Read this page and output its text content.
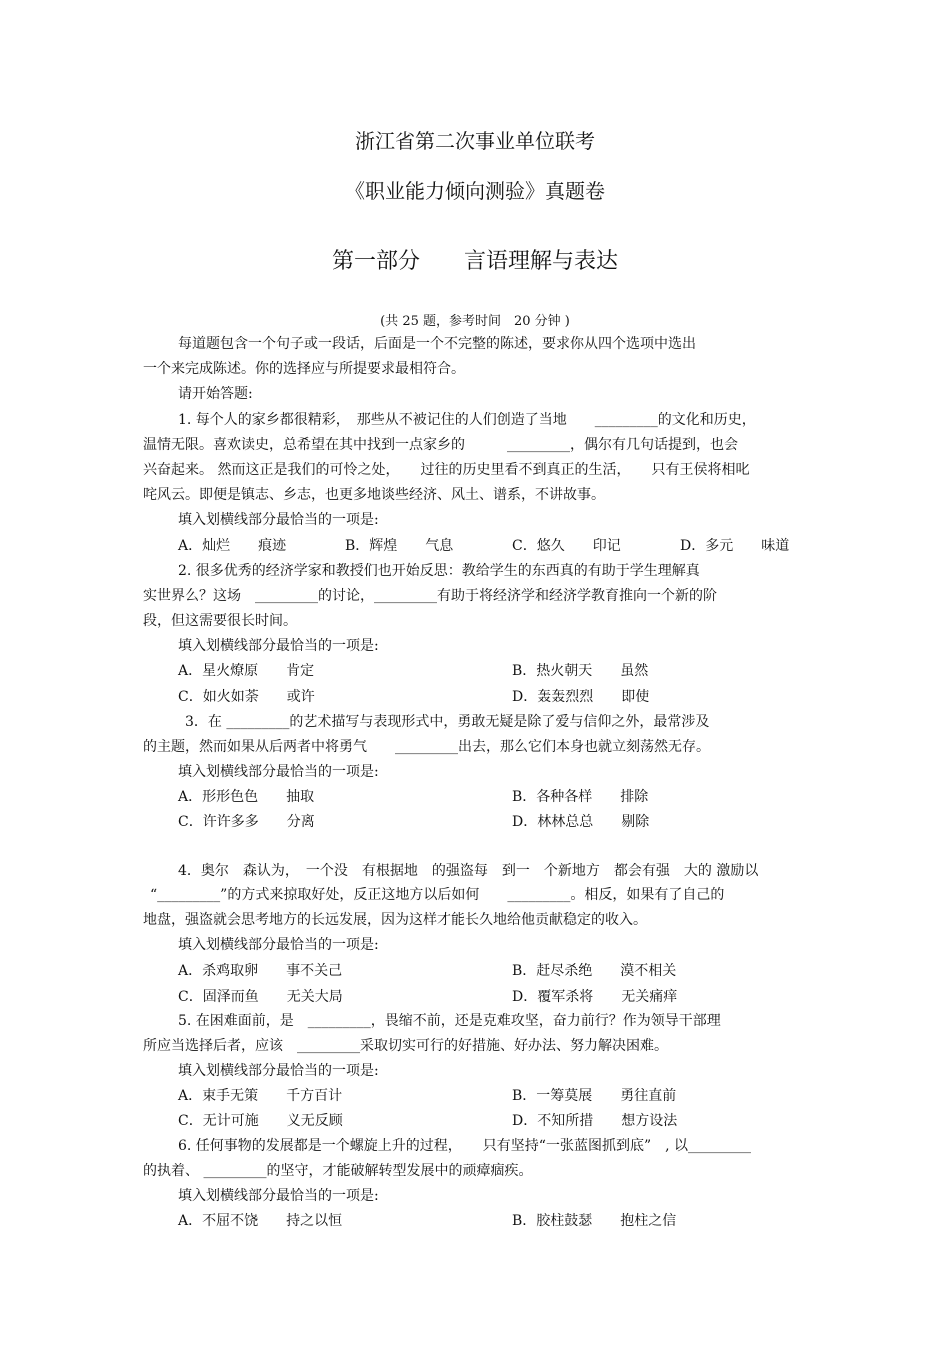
浙江省第二次事业单位联考
《职业能力倾向测验》真题卷
第一部分　　言语理解与表达
(共 25 题，参考时间　20 分钟 )
每道题包含一个句子或一段话，后面是一个不完整的陈述，要求你从四个选项中选出
一个来完成陈述。你的选择应与所提要求最相符合。
请开始答题:
1. 每个人的家乡都很精彩，　那些从不被记住的人们创造了当地　　_________的文化和历史，
温情无限。喜欢读史，总希望在其中找到一点家乡的　　　_________，偶尔有几句话提到，也会
兴奋起来。 然而这正是我们的可怜之处，　　过往的历史里看不到真正的生活，　　只有王侯将相叱
咤风云。即便是镇志、乡志，也更多地谈些经济、风土、谱系，不讲故事。
填入划横线部分最恰当的一项是:
A．灿烂　　痕迹	B．辉煌　　气息	C．悠久　　印记	D．多元　　味道
2. 很多优秀的经济学家和教授们也开始反思：教给学生的东西真的有助于学生理解真
实世界么？这场　_________的讨论，_________有助于将经济学和经济学教育推向一个新的阶
段，但这需要很长时间。
填入划横线部分最恰当的一项是:
A．星火燎原　　肯定	B．热火朝天　　虽然
C．如火如荼　　或许	D．轰轰烈烈　　即使
3．在 _________的艺术描写与表现形式中，勇敢无疑是除了爱与信仰之外，最常涉及
的主题，然而如果从后两者中将勇气　　_________出去，那么它们本身也就立刻荡然无存。
填入划横线部分最恰当的一项是:
A．形形色色　　抽取	B．各种各样　　排除
C．许许多多　　分离	D．林林总总　　剔除
4．奥尔　森认为，　一个没　有根据地　的强盗每　到一　个新地方　都会有强　大的 激励以
“_________”的方式来掠取好处，反正这地方以后如何　　_________。相反，如果有了自己的
地盘，强盗就会思考地方的长远发展，因为这样才能长久地给他贡献稳定的收入。
填入划横线部分最恰当的一项是:
A．杀鸡取卵　　事不关己	B．赶尽杀绝　　漠不相关
C．固泽而鱼　　无关大局	D．覆军杀将　　无关痛痒
5. 在困难面前，是　_________，畏缩不前，还是克难攻坚，奋力前行？作为领导干部理
所应当选择后者，应该　_________采取切实可行的好措施、好办法、努力解决困难。
填入划横线部分最恰当的一项是:
A．束手无策　　千方百计	B．一筹莫展　　勇往直前
C．无计可施　　义无反顾	D．不知所措　　想方设法
6. 任何事物的发展都是一个螺旋上升的过程，　　只有坚持“一张蓝图抓到底”　, 以_________
的执着、 _________的坚守，才能破解转型发展中的顽瘴痼疾。
填入划横线部分最恰当的一项是:
A．不屈不饶　　持之以恒	B．胶柱鼓瑟　　抱柱之信
